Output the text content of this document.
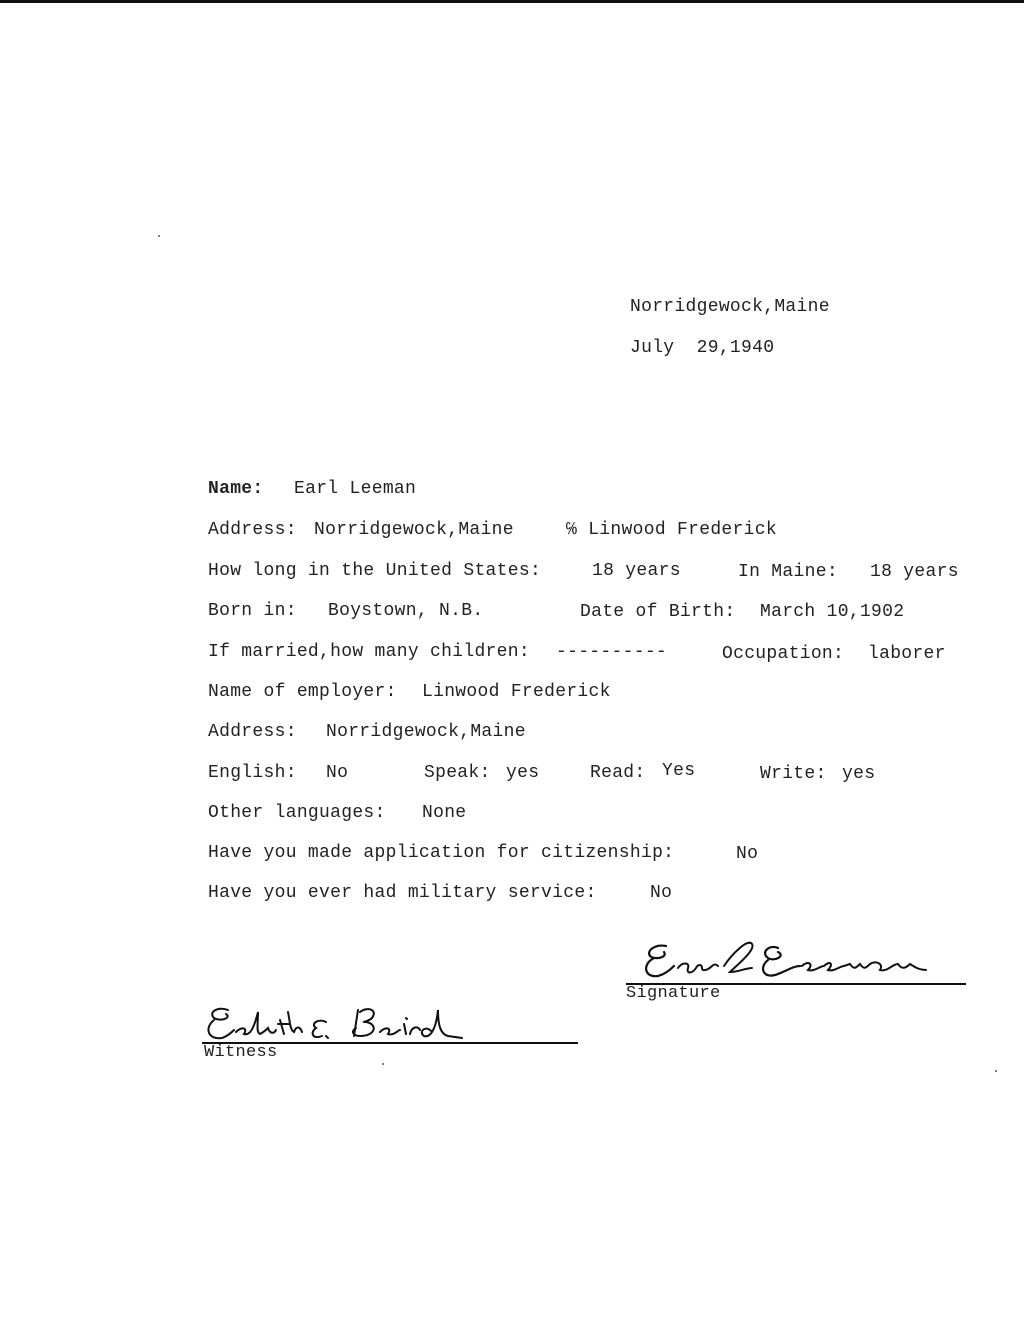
Norridgewock,Maine
July  29,1940
Name: Earl Leeman
Address: Norridgewock,Maine	℅ Linwood Frederick
How long in the United States:	18 years	In Maine: 18 years
Born in: Boystown, N.B.	Date of Birth: March 10,1902
If married,how many children: ----------	Occupation: laborer
Name of employer: Linwood Frederick
Address: Norridgewock,Maine
English: No	Speak: yes	Read: Yes	Write: yes
Other languages: None
Have you made application for citizenship:	No
Have you ever had military service:	No
Signature
Witness
